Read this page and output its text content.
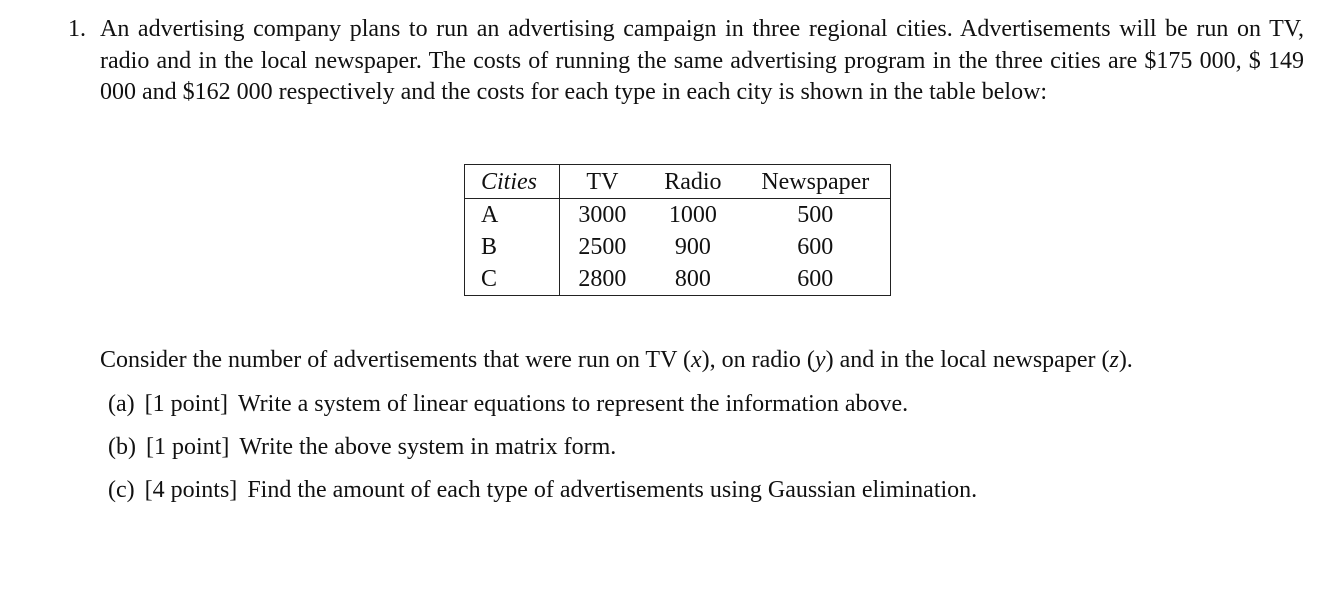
1. An advertising company plans to run an advertising campaign in three regional cities. Advertisements will be run on TV, radio and in the local newspaper. The costs of running the same advertising program in the three cities are $175 000, $ 149 000 and $162 000 respectively and the costs for each type in each city is shown in the table below:
Cities	TV	Radio	Newspaper
A	3000	1000	500
B	2500	900	600
C	2800	800	600
Consider the number of advertisements that were run on TV (x), on radio (y) and in the local newspaper (z).
(a) [1 point] Write a system of linear equations to represent the information above.
(b) [1 point] Write the above system in matrix form.
(c) [4 points] Find the amount of each type of advertisements using Gaussian elimination.
